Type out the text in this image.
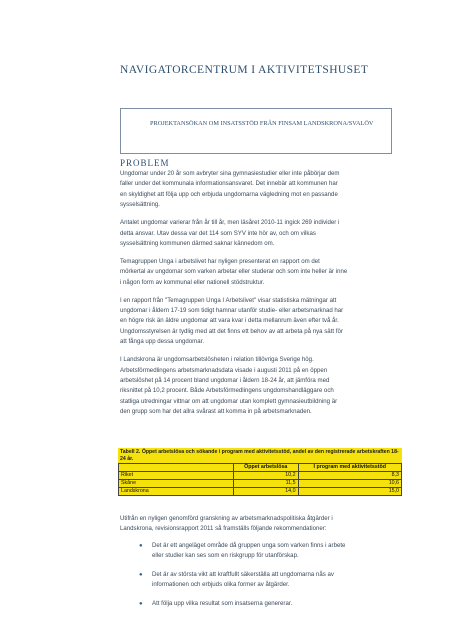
NAVIGATORCENTRUM I AKTIVITETSHUSET
PROJEKTANSÖKAN OM INSATSSTÖD FRÅN FINSAM LANDSKRONA/SVALÖV
PROBLEM
Ungdomar under 20 år som avbryter sina gymnasiestudier eller inte påbörjar dem
faller under det kommunala informationsansvaret. Det innebär att kommunen har
en skyldighet att följa upp och erbjuda ungdomarna vägledning mot en passande
sysselsättning.
Antalet ungdomar varierar från år till år, men läsåret 2010-11 ingick 269 individer i
detta ansvar. Utav dessa var det 114 som SYV inte hör av, och om vilkas
sysselsättning kommunen därmed saknar kännedom om.
Temagruppen Unga i arbetslivet har nyligen presenterat en rapport om det
mörkertal av ungdomar som varken arbetar eller studerar och som inte heller är inne
i någon form av kommunal eller nationell stödstruktur.
I en rapport från "Temagruppen Unga I Arbetslivet" visar statistiska mätningar att
ungdomar i åldern 17-19 som tidigt hamnar utanför studie- eller arbetsmarknad har
en högre risk än äldre ungdomar att vara kvar i detta mellanrum även efter två år.
Ungdomsstyrelsen är tydlig med att det finns ett behov av att arbeta på nya sätt för
att fånga upp dessa ungdomar.
I Landskrona är ungdomsarbetslösheten i relation tillövriga Sverige hög.
Arbetsförmedlingens arbetsmarknadsdata visade i augusti 2011 på en öppen
arbetslöshet på 14 procent bland ungdomar i åldern 18-24 år, att jämföra med
riksnittet på 10,2 procent. Både Arbetsförmedlingens ungdomshandläggare och
statliga utredningar vittnar om att ungdomar utan komplett gymnasieutbildning är
den grupp som har det allra svårast att komma in på arbetsmarknaden.
Tabell 2. Öppet arbetslösa och sökande i program med aktivitetsstöd, andel av den registrerade arbetskraften 18-24 år.
	Öppet arbetslösa	I program med aktivitetsstöd
Riket	10,2	8,3
Skåne	11,5	10,6
Landskrona	14,0	15,0
Utifrån en nyligen genomförd granskning av arbetsmarknadspolitiska åtgärder i
Landskrona, revisionsrapport 2011 så framställs följande rekommendationer:
● Det är ett angeläget område då gruppen unga som varken finns i arbete
eller studier kan ses som en riskgrupp för utanförskap.
● Det är av största vikt att kraftfullt säkerställa att ungdomarna nås av
informationen och erbjuds olika former av åtgärder.
● Att följa upp vilka resultat som insatserna genererar.
